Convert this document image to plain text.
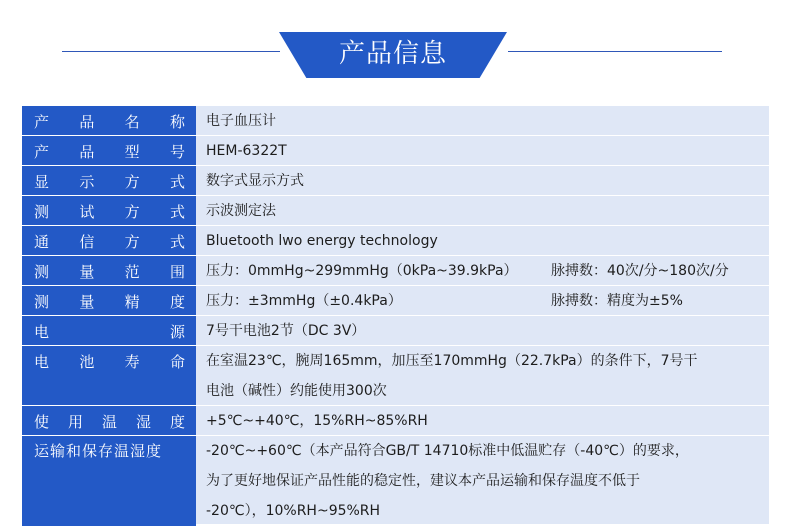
产品信息
产 品 名 称 电子血压计
产 品 型 号 HEM-6322T
显 示 方 式 数字式显示方式
测 试 方 式 示波测定法
通 信 方 式 Bluetooth lwo energy technology
测 量 范 围 压力：0mmHg~299mmHg（0kPa~39.9kPa）	脉搏数：40次/分~180次/分
测 量 精 度 压力：±3mmHg（±0.4kPa）	脉搏数：精度为±5%
电	源 7号干电池2节（DC 3V）
电 池 寿 命 在室温23℃，腕周165mm，加压至170mmHg（22.7kPa）的条件下，7号干
电池（碱性）约能使用300次
使 用 温 湿 度 +5℃~+40℃，15%RH~85%RH
运输和保存温湿度	-20℃~+60℃（本产品符合GB/T 14710标准中低温贮存（-40℃）的要求，
为了更好地保证产品性能的稳定性，建议本产品运输和保存温度不低于
-20℃），10%RH~95%RH
